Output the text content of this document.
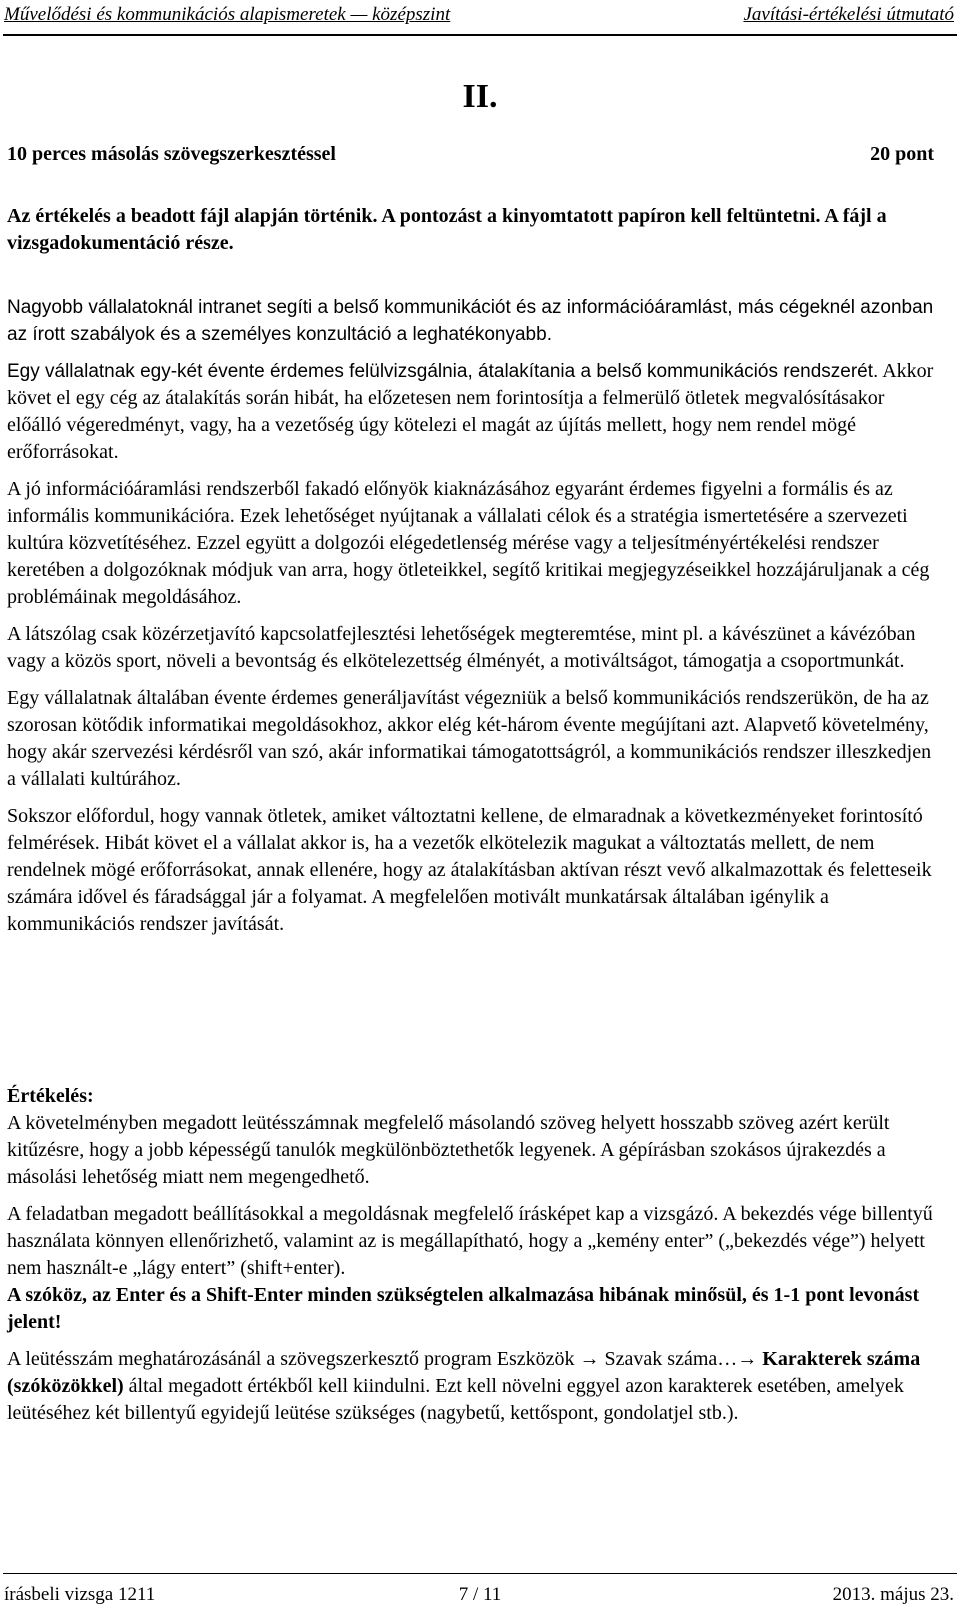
Művelődési és kommunikációs alapismeretek — középszint	Javítási-értékelési útmutató
II.
10 perces másolás szövegszerkesztéssel	20 pont
Az értékelés a beadott fájl alapján történik. A pontozást a kinyomtatott papíron kell feltüntetni. A fájl a vizsgadokumentáció része.

Nagyobb vállalatoknál intranet segíti a belső kommunikációt és az információáramlást, más cégeknél azonban az írott szabályok és a személyes konzultáció a leghatékonyabb.

Egy vállalatnak egy-két évente érdemes felülvizsgálnia, átalakítania a belső kommunikációs rendszerét. Akkor követ el egy cég az átalakítás során hibát, ha előzetesen nem forintosítja a felmerülő ötletek megvalósításakor előálló végeredményt, vagy, ha a vezetőség úgy kötelezi el magát az újítás mellett, hogy nem rendel mögé erőforrásokat.

A jó információáramlási rendszerből fakadó előnyök kiaknázásához egyaránt érdemes figyelni a formális és az informális kommunikációra. Ezek lehetőséget nyújtanak a vállalati célok és a stratégia ismertetésére a szervezeti kultúra közvetítéséhez. Ezzel együtt a dolgozói elégedetlenség mérése vagy a teljesítményértékelési rendszer keretében a dolgozóknak módjuk van arra, hogy ötleteikkel, segítő kritikai megjegyzéseikkel hozzájáruljanak a cég problémáinak megoldásához.

A látszólag csak közérzetjavító kapcsolatfejlesztési lehetőségek megteremtése, mint pl. a kávészünet a kávézóban vagy a közös sport, növeli a bevontság és elkötelezettség élményét, a motiváltságot, támogatja a csoportmunkát.

Egy vállalatnak általában évente érdemes generáljavítást végezniük a belső kommunikációs rendszerükön, de ha az szorosan kötődik informatikai megoldásokhoz, akkor elég két-három évente megújítani azt. Alapvető követelmény, hogy akár szervezési kérdésről van szó, akár informatikai támogatottságról, a kommunikációs rendszer illeszkedjen a vállalati kultúrához.

Sokszor előfordul, hogy vannak ötletek, amiket változtatni kellene, de elmaradnak a következményeket forintosító felmérések. Hibát követ el a vállalat akkor is, ha a vezetők elkötelezik magukat a változtatás mellett, de nem rendelnek mögé erőforrásokat, annak ellenére, hogy az átalakításban aktívan részt vevő alkalmazottak és feletteseik számára idővel és fáradsággal jár a folyamat. A megfelelően motivált munkatársak általában igénylik a kommunikációs rendszer javítását.

Értékelés:

A követelményben megadott leütésszámnak megfelelő másolandó szöveg helyett hosszabb szöveg azért került kitűzésre, hogy a jobb képességű tanulók megkülönböztethetők legyenek. A gépírásban szokásos újrakezdés a másolási lehetőség miatt nem megengedhető.

A feladatban megadott beállításokkal a megoldásnak megfelelő írásképet kap a vizsgázó. A bekezdés vége billentyű használata könnyen ellenőrizhető, valamint az is megállapítható, hogy a „kemény enter” („bekezdés vége”) helyett nem használt-e „lágy entert” (shift+enter).
A szóköz, az Enter és a Shift-Enter minden szükségtelen alkalmazása hibának minősül, és 1-1 pont levonást jelent!

A leütésszám meghatározásánál a szövegszerkesztő program Eszközök → Szavak száma…→ Karakterek száma (szóközökkel) által megadott értékből kell kiindulni. Ezt kell növelni eggyel azon karakterek esetében, amelyek leütéséhez két billentyű egyidejű leütése szükséges (nagybetű, kettőspont, gondolatjel stb.).

írásbeli vizsga 1211	7 / 11	2013. május 23.
